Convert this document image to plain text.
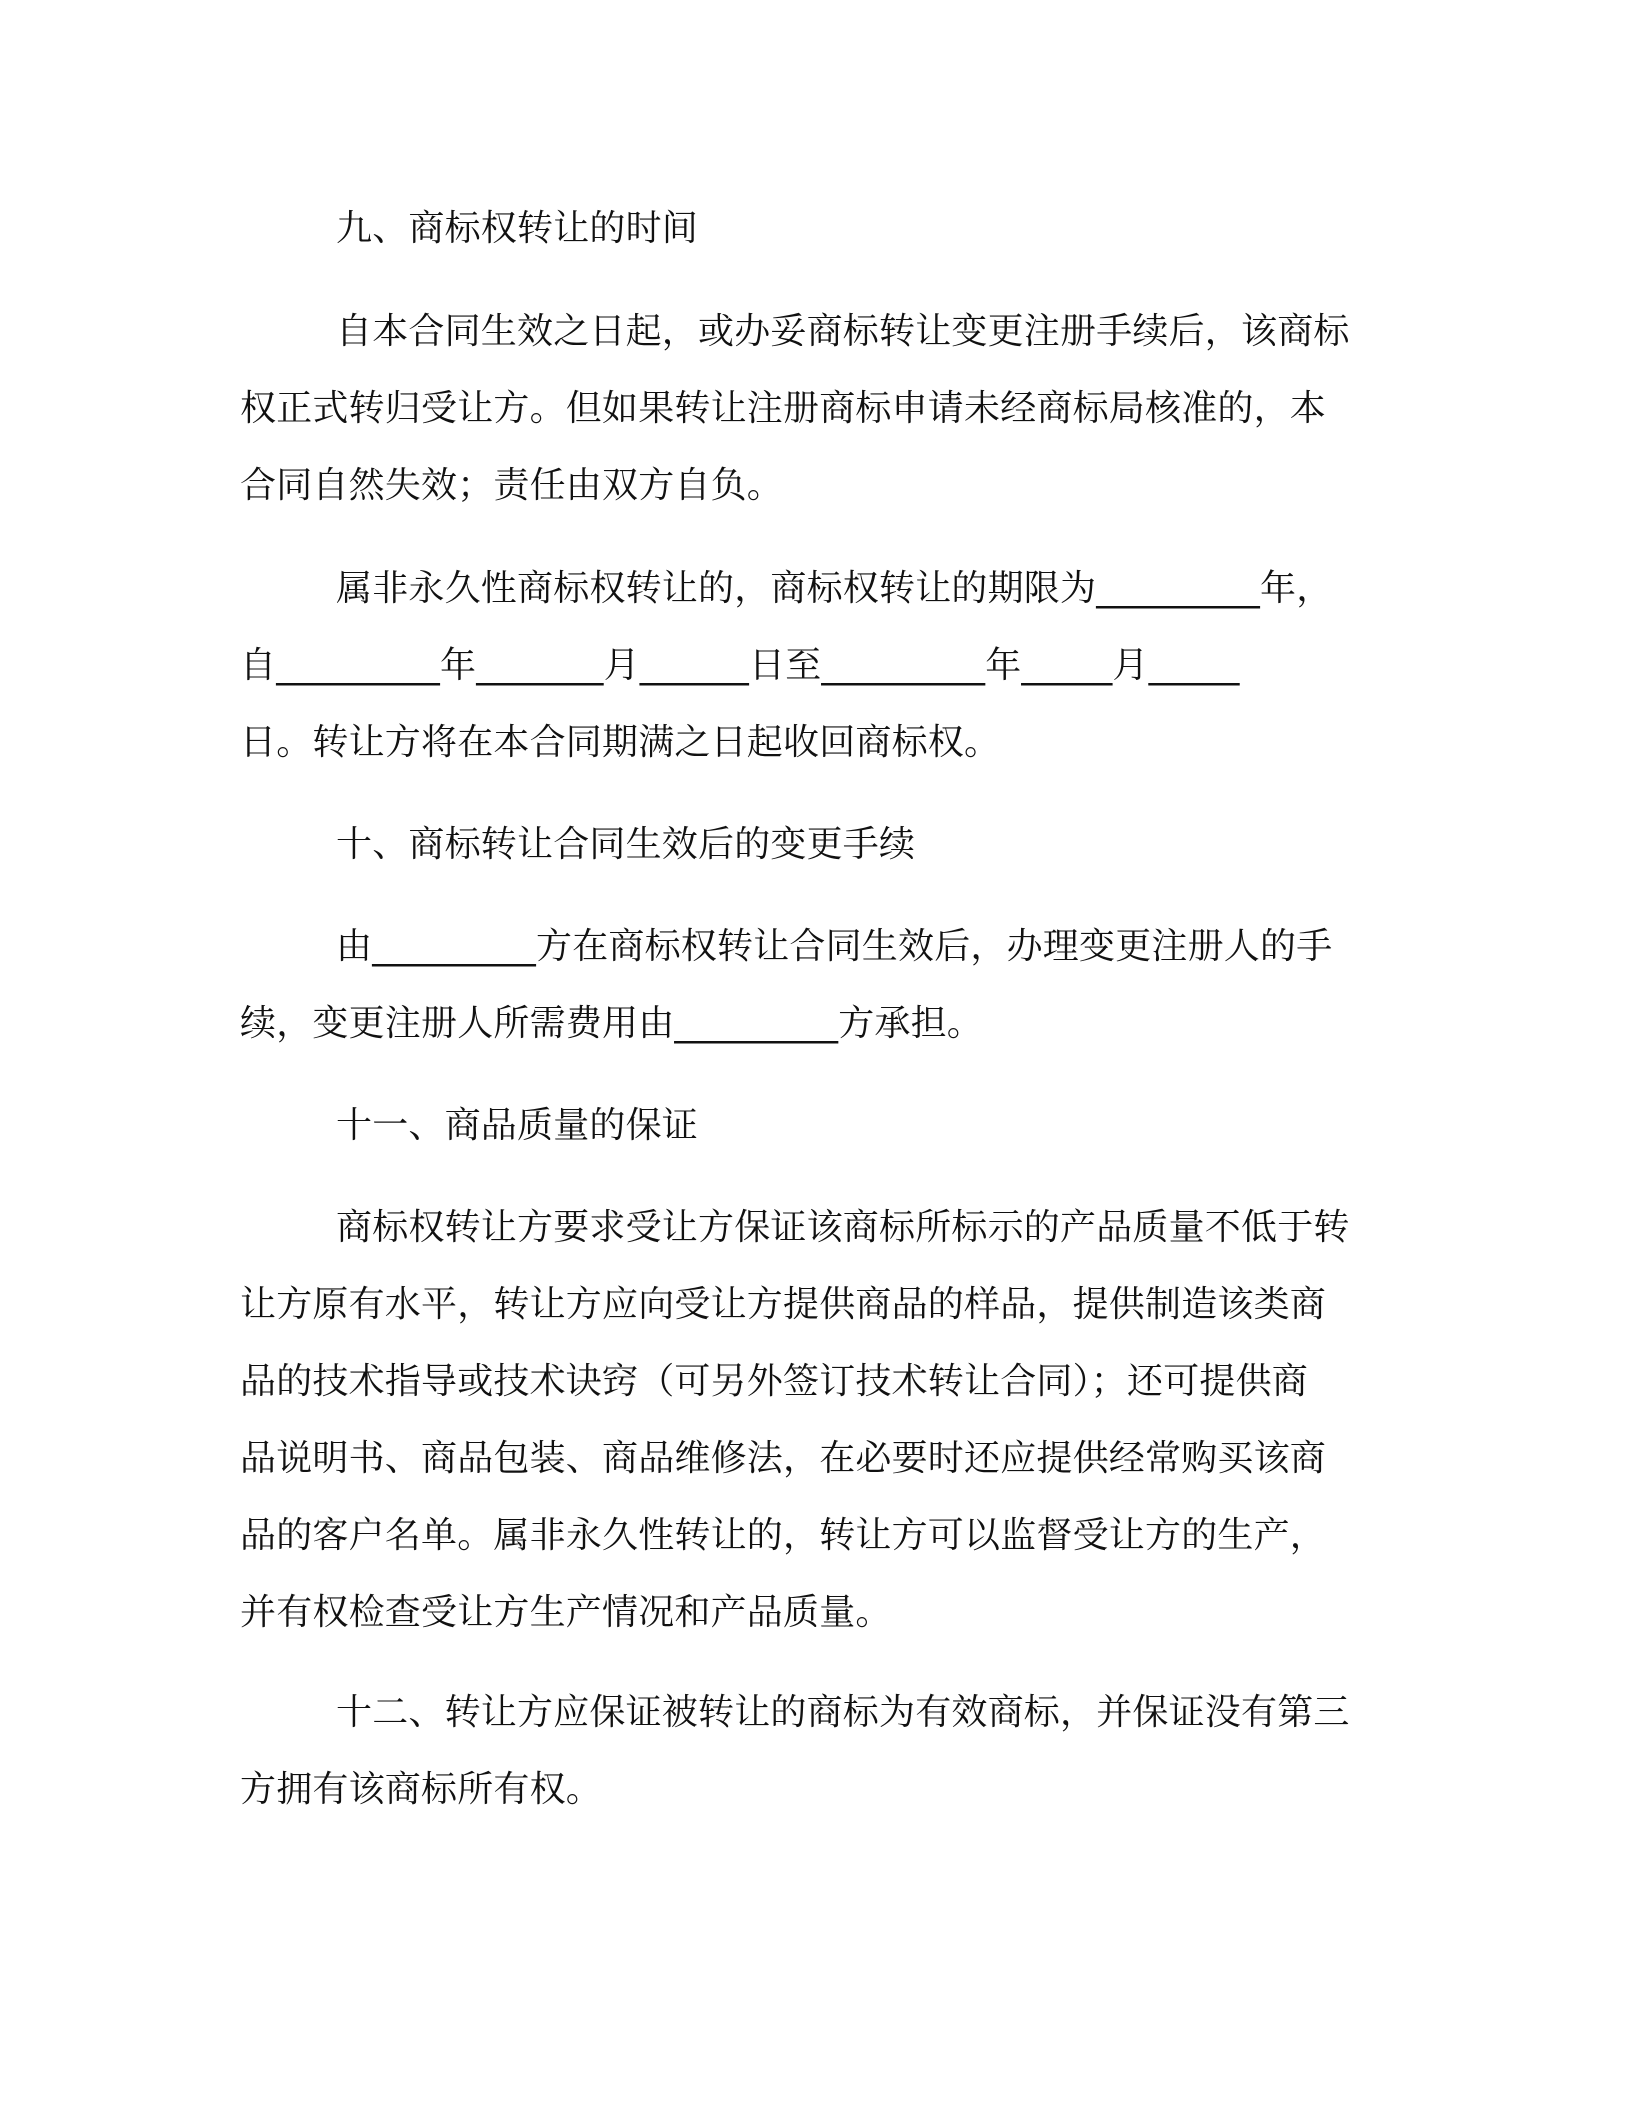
九、商标权转让的时间
自本合同生效之日起，或办妥商标转让变更注册手续后，该商标
权正式转归受让方。但如果转让注册商标申请未经商标局核准的，本
合同自然失效；责任由双方自负。
属非永久性商标权转让的，商标权转让的期限为_________年，
自_________年_______月______日至_________年_____月_____
日。转让方将在本合同期满之日起收回商标权。
十、商标转让合同生效后的变更手续
由_________方在商标权转让合同生效后，办理变更注册人的手
续，变更注册人所需费用由_________方承担。
十一、商品质量的保证
商标权转让方要求受让方保证该商标所标示的产品质量不低于转
让方原有水平，转让方应向受让方提供商品的样品，提供制造该类商
品的技术指导或技术诀窍（可另外签订技术转让合同）；还可提供商
品说明书、商品包装、商品维修法，在必要时还应提供经常购买该商
品的客户名单。属非永久性转让的，转让方可以监督受让方的生产，
并有权检查受让方生产情况和产品质量。
十二、转让方应保证被转让的商标为有效商标，并保证没有第三
方拥有该商标所有权。
